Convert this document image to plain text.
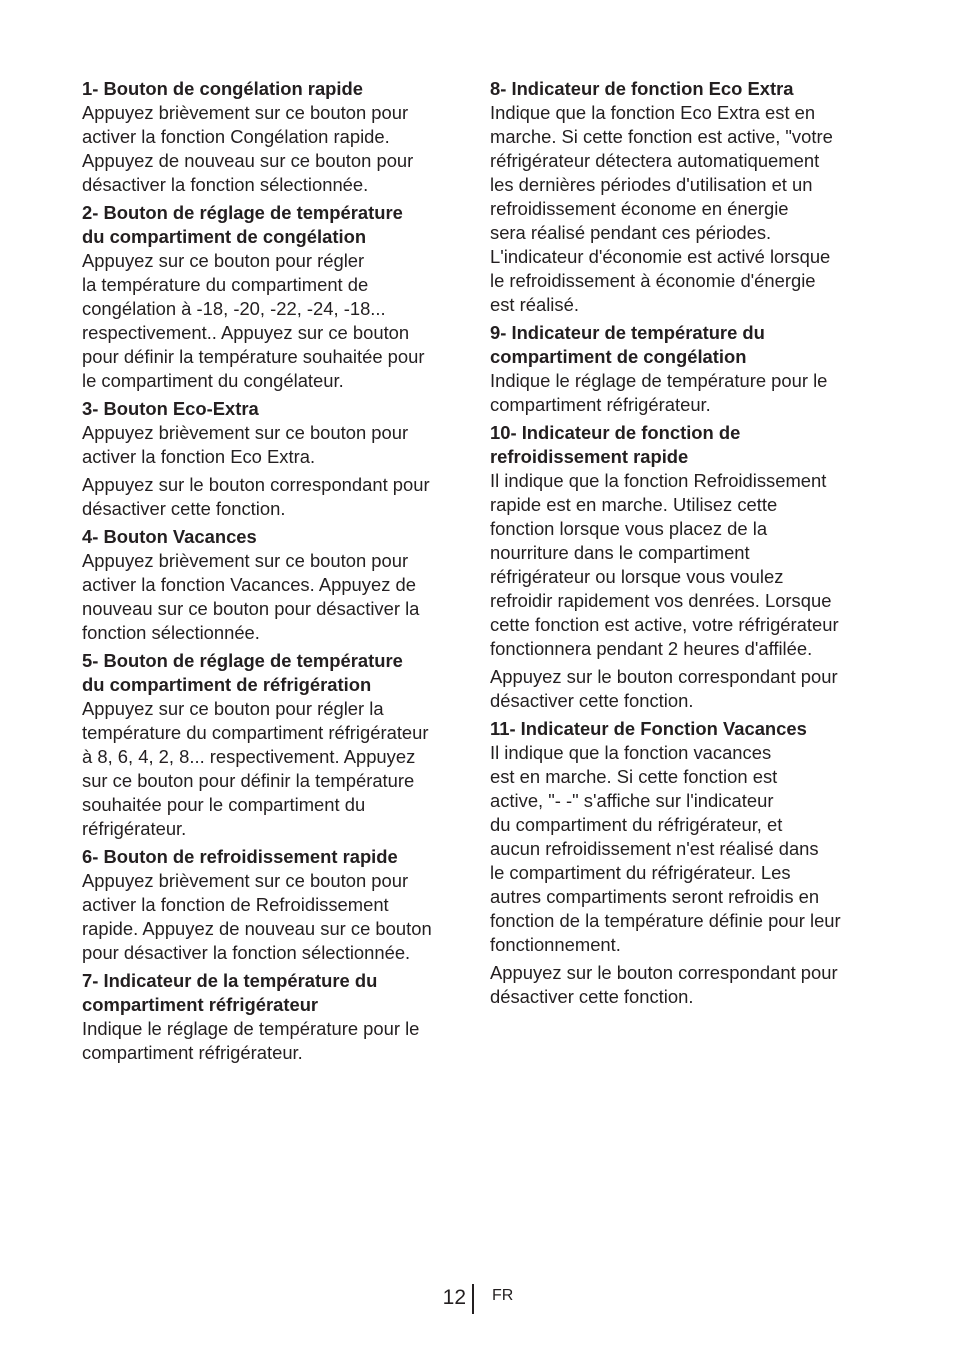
1- Bouton de congélation rapide

Appuyez brièvement sur ce bouton pour
activer la fonction Congélation rapide.
Appuyez de nouveau sur ce bouton pour
désactiver la fonction sélectionnée.

2- Bouton de réglage de température
du compartiment de congélation

Appuyez sur ce bouton pour régler
la température du compartiment de
congélation à -18, -20, -22, -24, -18...
respectivement.. Appuyez sur ce bouton
pour définir la température souhaitée pour
le compartiment du congélateur.

3- Bouton Eco-Extra

Appuyez brièvement sur ce bouton pour
activer la fonction Eco Extra.

Appuyez sur le bouton correspondant pour
désactiver cette fonction.

4- Bouton Vacances

Appuyez brièvement sur ce bouton pour
activer la fonction Vacances. Appuyez de
nouveau sur ce bouton pour désactiver la
fonction sélectionnée.

5- Bouton de réglage de température
du compartiment de réfrigération

Appuyez sur ce bouton pour régler la
température du compartiment réfrigérateur
à 8, 6, 4, 2, 8... respectivement. Appuyez
sur ce bouton pour définir la température
souhaitée pour le compartiment du
réfrigérateur.

6- Bouton de refroidissement rapide

Appuyez brièvement sur ce bouton pour
activer la fonction de Refroidissement
rapide. Appuyez de nouveau sur ce bouton
pour désactiver la fonction sélectionnée.

7- Indicateur de la température du
compartiment réfrigérateur

Indique le réglage de température pour le
compartiment réfrigérateur.

8- Indicateur de fonction Eco Extra

Indique que la fonction Eco Extra est en
marche. Si cette fonction est active, "votre
réfrigérateur détectera automatiquement
les dernières périodes d'utilisation et un
refroidissement économe en énergie
sera réalisé pendant ces périodes.
L'indicateur d'économie est activé lorsque
le refroidissement à économie d'énergie
est réalisé.

9- Indicateur de température du
compartiment de congélation

Indique le réglage de température pour le
compartiment réfrigérateur.

10- Indicateur de fonction de
refroidissement rapide

Il indique que la fonction Refroidissement
rapide est en marche. Utilisez cette
fonction lorsque vous placez de la
nourriture dans le compartiment
réfrigérateur ou lorsque vous voulez
refroidir rapidement vos denrées. Lorsque
cette fonction est active, votre réfrigérateur
fonctionnera pendant 2 heures d'affilée.

Appuyez sur le bouton correspondant pour
désactiver cette fonction.

11- Indicateur de Fonction Vacances

Il indique que la fonction vacances
est en marche. Si cette fonction est
active, "- -" s'affiche sur l'indicateur
du compartiment du réfrigérateur, et
aucun refroidissement n'est réalisé dans
le compartiment du réfrigérateur. Les
autres compartiments seront refroidis en
fonction de la température définie pour leur
fonctionnement.

Appuyez sur le bouton correspondant pour
désactiver cette fonction.

12 FR
